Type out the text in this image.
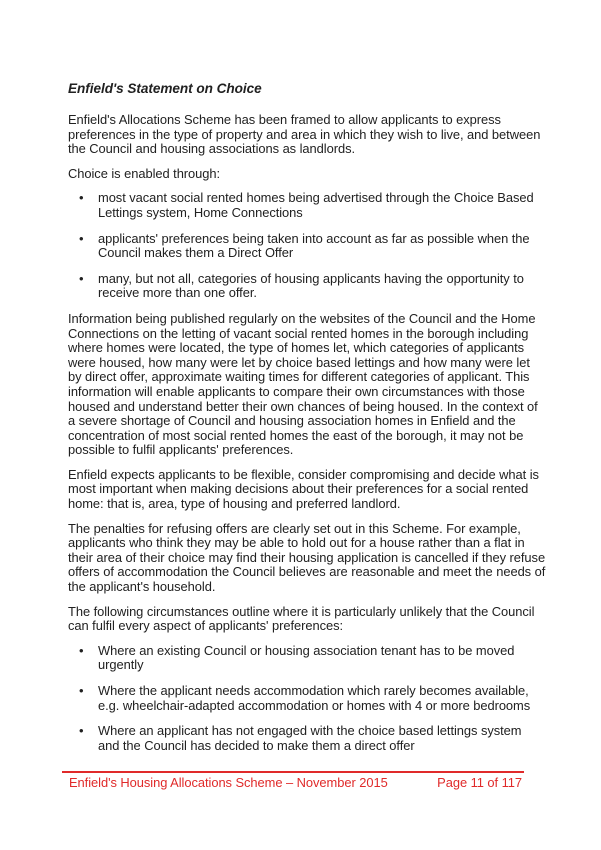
Enfield's Statement on Choice

Enfield's Allocations Scheme has been framed to allow applicants to express preferences in the type of property and area in which they wish to live, and between the Council and housing associations as landlords.

Choice is enabled through:

•
most vacant social rented homes being advertised through the Choice Based Lettings system, Home Connections
•
applicants' preferences being taken into account as far as possible when the Council makes them a Direct Offer
•
many, but not all, categories of housing applicants having the opportunity to receive more than one offer.

Information being published regularly on the websites of the Council and the Home Connections on the letting of vacant social rented homes in the borough including where homes were located, the type of homes let, which categories of applicants were housed, how many were let by choice based lettings and how many were let by direct offer, approximate waiting times for different categories of applicant. This information will enable applicants to compare their own circumstances with those housed and understand better their own chances of being housed. In the context of a severe shortage of Council and housing association homes in Enfield and the concentration of most social rented homes the east of the borough, it may not be possible to fulfil applicants' preferences.

Enfield expects applicants to be flexible, consider compromising and decide what is most important when making decisions about their preferences for a social rented home: that is, area, type of housing and preferred landlord.

The penalties for refusing offers are clearly set out in this Scheme. For example, applicants who think they may be able to hold out for a house rather than a flat in their area of their choice may find their housing application is cancelled if they refuse offers of accommodation the Council believes are reasonable and meet the needs of the applicant's household.

The following circumstances outline where it is particularly unlikely that the Council can fulfil every aspect of applicants' preferences:

•
Where an existing Council or housing association tenant has to be moved urgently
•
Where the applicant needs accommodation which rarely becomes available, e.g. wheelchair-adapted accommodation or homes with 4 or more bedrooms
•
Where an applicant has not engaged with the choice based lettings system and the Council has decided to make them a direct offer
Enfield's Housing Allocations Scheme – November 2015	Page 11 of 117
